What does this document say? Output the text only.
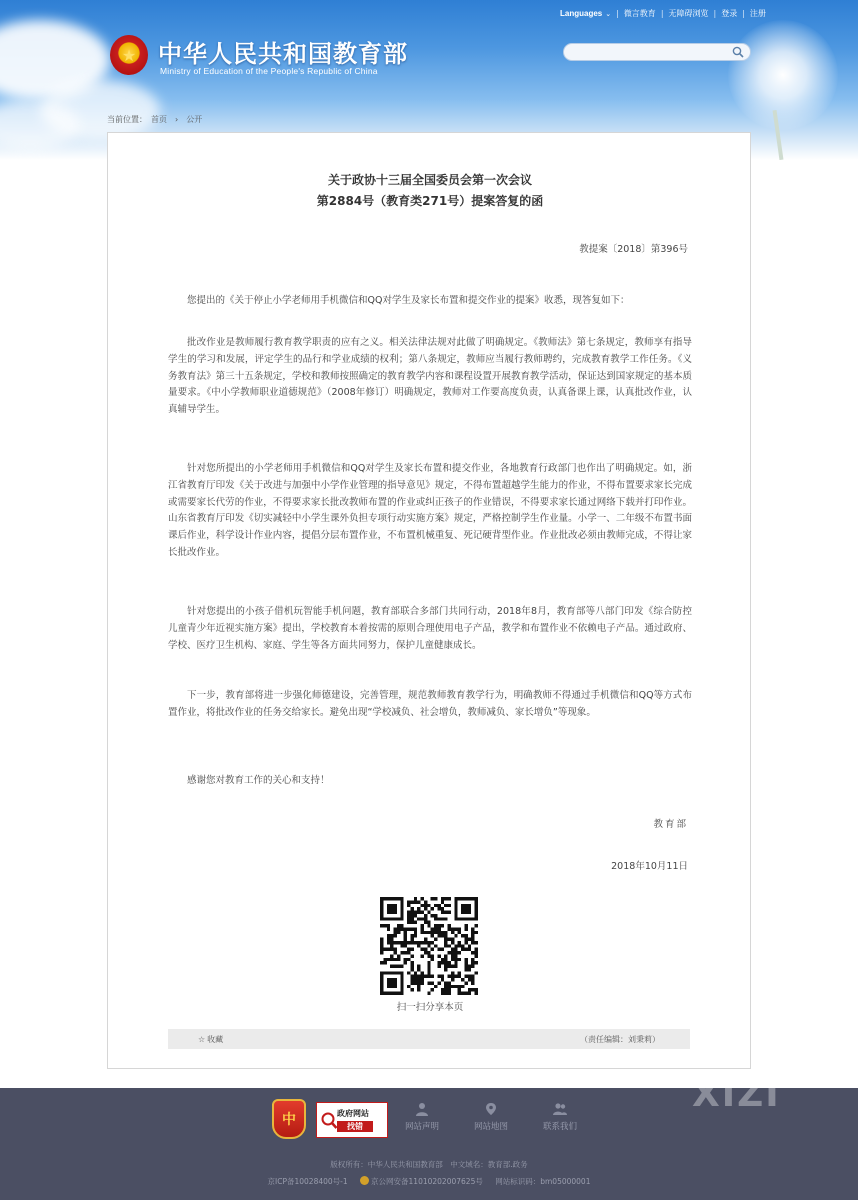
★ 中华人民共和国教育部
Ministry of Education of the People's Republic of China
Languages ⌄ | 微言教育 | 无障碍浏览 | 登录 | 注册
当前位置： 首页 › 公开
关于政协十三届全国委员会第一次会议
第2884号（教育类271号）提案答复的函
教提案〔2018〕第396号

您提出的《关于停止小学老师用手机微信和QQ对学生及家长布置和提交作业的提案》收悉，现答复如下：

批改作业是教师履行教育教学职责的应有之义。相关法律法规对此做了明确规定。《教师法》第七条规定，教师享有指导学生的学习和发展，评定学生的品行和学业成绩的权利；第八条规定，教师应当履行教师聘约，完成教育教学工作任务。《义务教育法》第三十五条规定，学校和教师按照确定的教育教学内容和课程设置开展教育教学活动，保证达到国家规定的基本质量要求。《中小学教师职业道德规范》（2008年修订）明确规定，教师对工作要高度负责，认真备课上课，认真批改作业，认真辅导学生。

针对您所提出的小学老师用手机微信和QQ对学生及家长布置和提交作业，各地教育行政部门也作出了明确规定。如，浙江省教育厅印发《关于改进与加强中小学作业管理的指导意见》规定，不得布置超越学生能力的作业，不得布置要求家长完成或需要家长代劳的作业，不得要求家长批改教师布置的作业或纠正孩子的作业错误，不得要求家长通过网络下载并打印作业。山东省教育厅印发《切实减轻中小学生课外负担专项行动实施方案》规定，严格控制学生作业量。小学一、二年级不布置书面课后作业，科学设计作业内容，提倡分层布置作业，不布置机械重复、死记硬背型作业。作业批改必须由教师完成，不得让家长批改作业。

针对您提出的小孩子借机玩智能手机问题，教育部联合多部门共同行动，2018年8月，教育部等八部门印发《综合防控儿童青少年近视实施方案》提出，学校教育本着按需的原则合理使用电子产品，教学和布置作业不依赖电子产品。通过政府、学校、医疗卫生机构、家庭、学生等各方面共同努力，保护儿童健康成长。

下一步，教育部将进一步强化师德建设，完善管理，规范教师教育教学行为，明确教师不得通过手机微信和QQ等方式布置作业，将批改作业的任务交给家长。避免出现“学校减负、社会增负，教师减负、家长增负”等现象。

感谢您对教育工作的关心和支持！

教育部
2018年10月11日
扫一扫分享本页
☆ 收藏	（责任编辑：刘秉莉）
中	政府网站
找错	网站声明	网站地图	联系我们
XIZI
版权所有：中华人民共和国教育部　中文域名：教育部.政务
京ICP备10028400号-1	京公网安备11010202007625号 网站标识码：bm05000001
